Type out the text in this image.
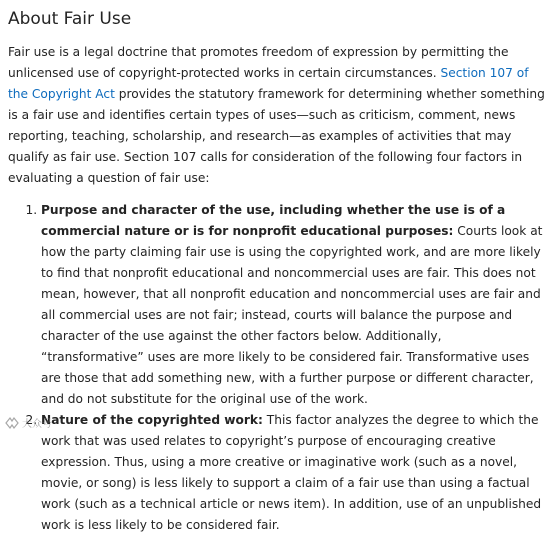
About Fair Use

Fair use is a legal doctrine that promotes freedom of expression by permitting the unlicensed use of copyright-protected works in certain circumstances. Section 107 of the Copyright Act provides the statutory framework for determining whether something is a fair use and identifies certain types of uses—such as criticism, comment, news reporting, teaching, scholarship, and research—as examples of activities that may qualify as fair use. Section 107 calls for consideration of the following four factors in evaluating a question of fair use:

1. Purpose and character of the use, including whether the use is of a commercial nature or is for nonprofit educational purposes: Courts look at how the party claiming fair use is using the copyrighted work, and are more likely to find that nonprofit educational and noncommercial uses are fair. This does not mean, however, that all nonprofit education and noncommercial uses are fair and all commercial uses are not fair; instead, courts will balance the purpose and character of the use against the other factors below. Additionally, “transformative” uses are more likely to be considered fair. Transformative uses are those that add something new, with a further purpose or different character, and do not substitute for the original use of the work.
2. Nature of the copyrighted work: This factor analyzes the degree to which the work that was used relates to copyright’s purpose of encouraging creative expression. Thus, using a more creative or imaginative work (such as a novel, movie, or song) is less likely to support a claim of a fair use than using a factual work (such as a technical article or news item). In addition, use of an unpublished work is less likely to be considered fair.
大众号
